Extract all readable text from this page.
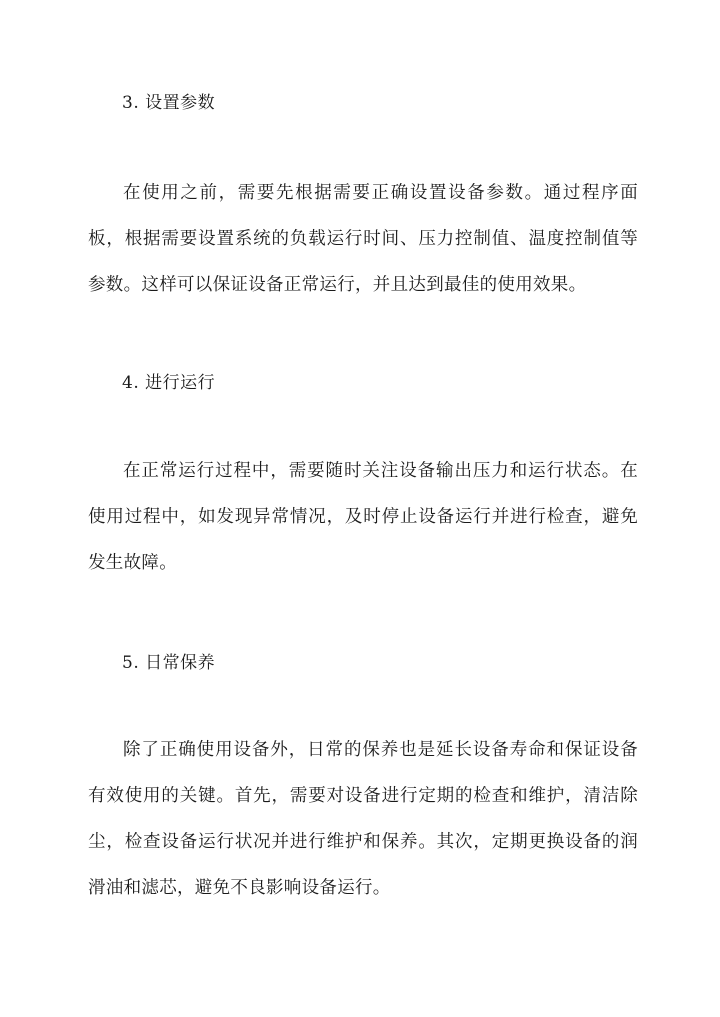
3. 设置参数

在使用之前，需要先根据需要正确设置设备参数。通过程序面板，根据需要设置系统的负载运行时间、压力控制值、温度控制值等参数。这样可以保证设备正常运行，并且达到最佳的使用效果。

4. 进行运行

在正常运行过程中，需要随时关注设备输出压力和运行状态。在使用过程中，如发现异常情况，及时停止设备运行并进行检查，避免发生故障。

5. 日常保养

除了正确使用设备外，日常的保养也是延长设备寿命和保证设备有效使用的关键。首先，需要对设备进行定期的检查和维护，清洁除尘，检查设备运行状况并进行维护和保养。其次，定期更换设备的润滑油和滤芯，避免不良影响设备运行。
